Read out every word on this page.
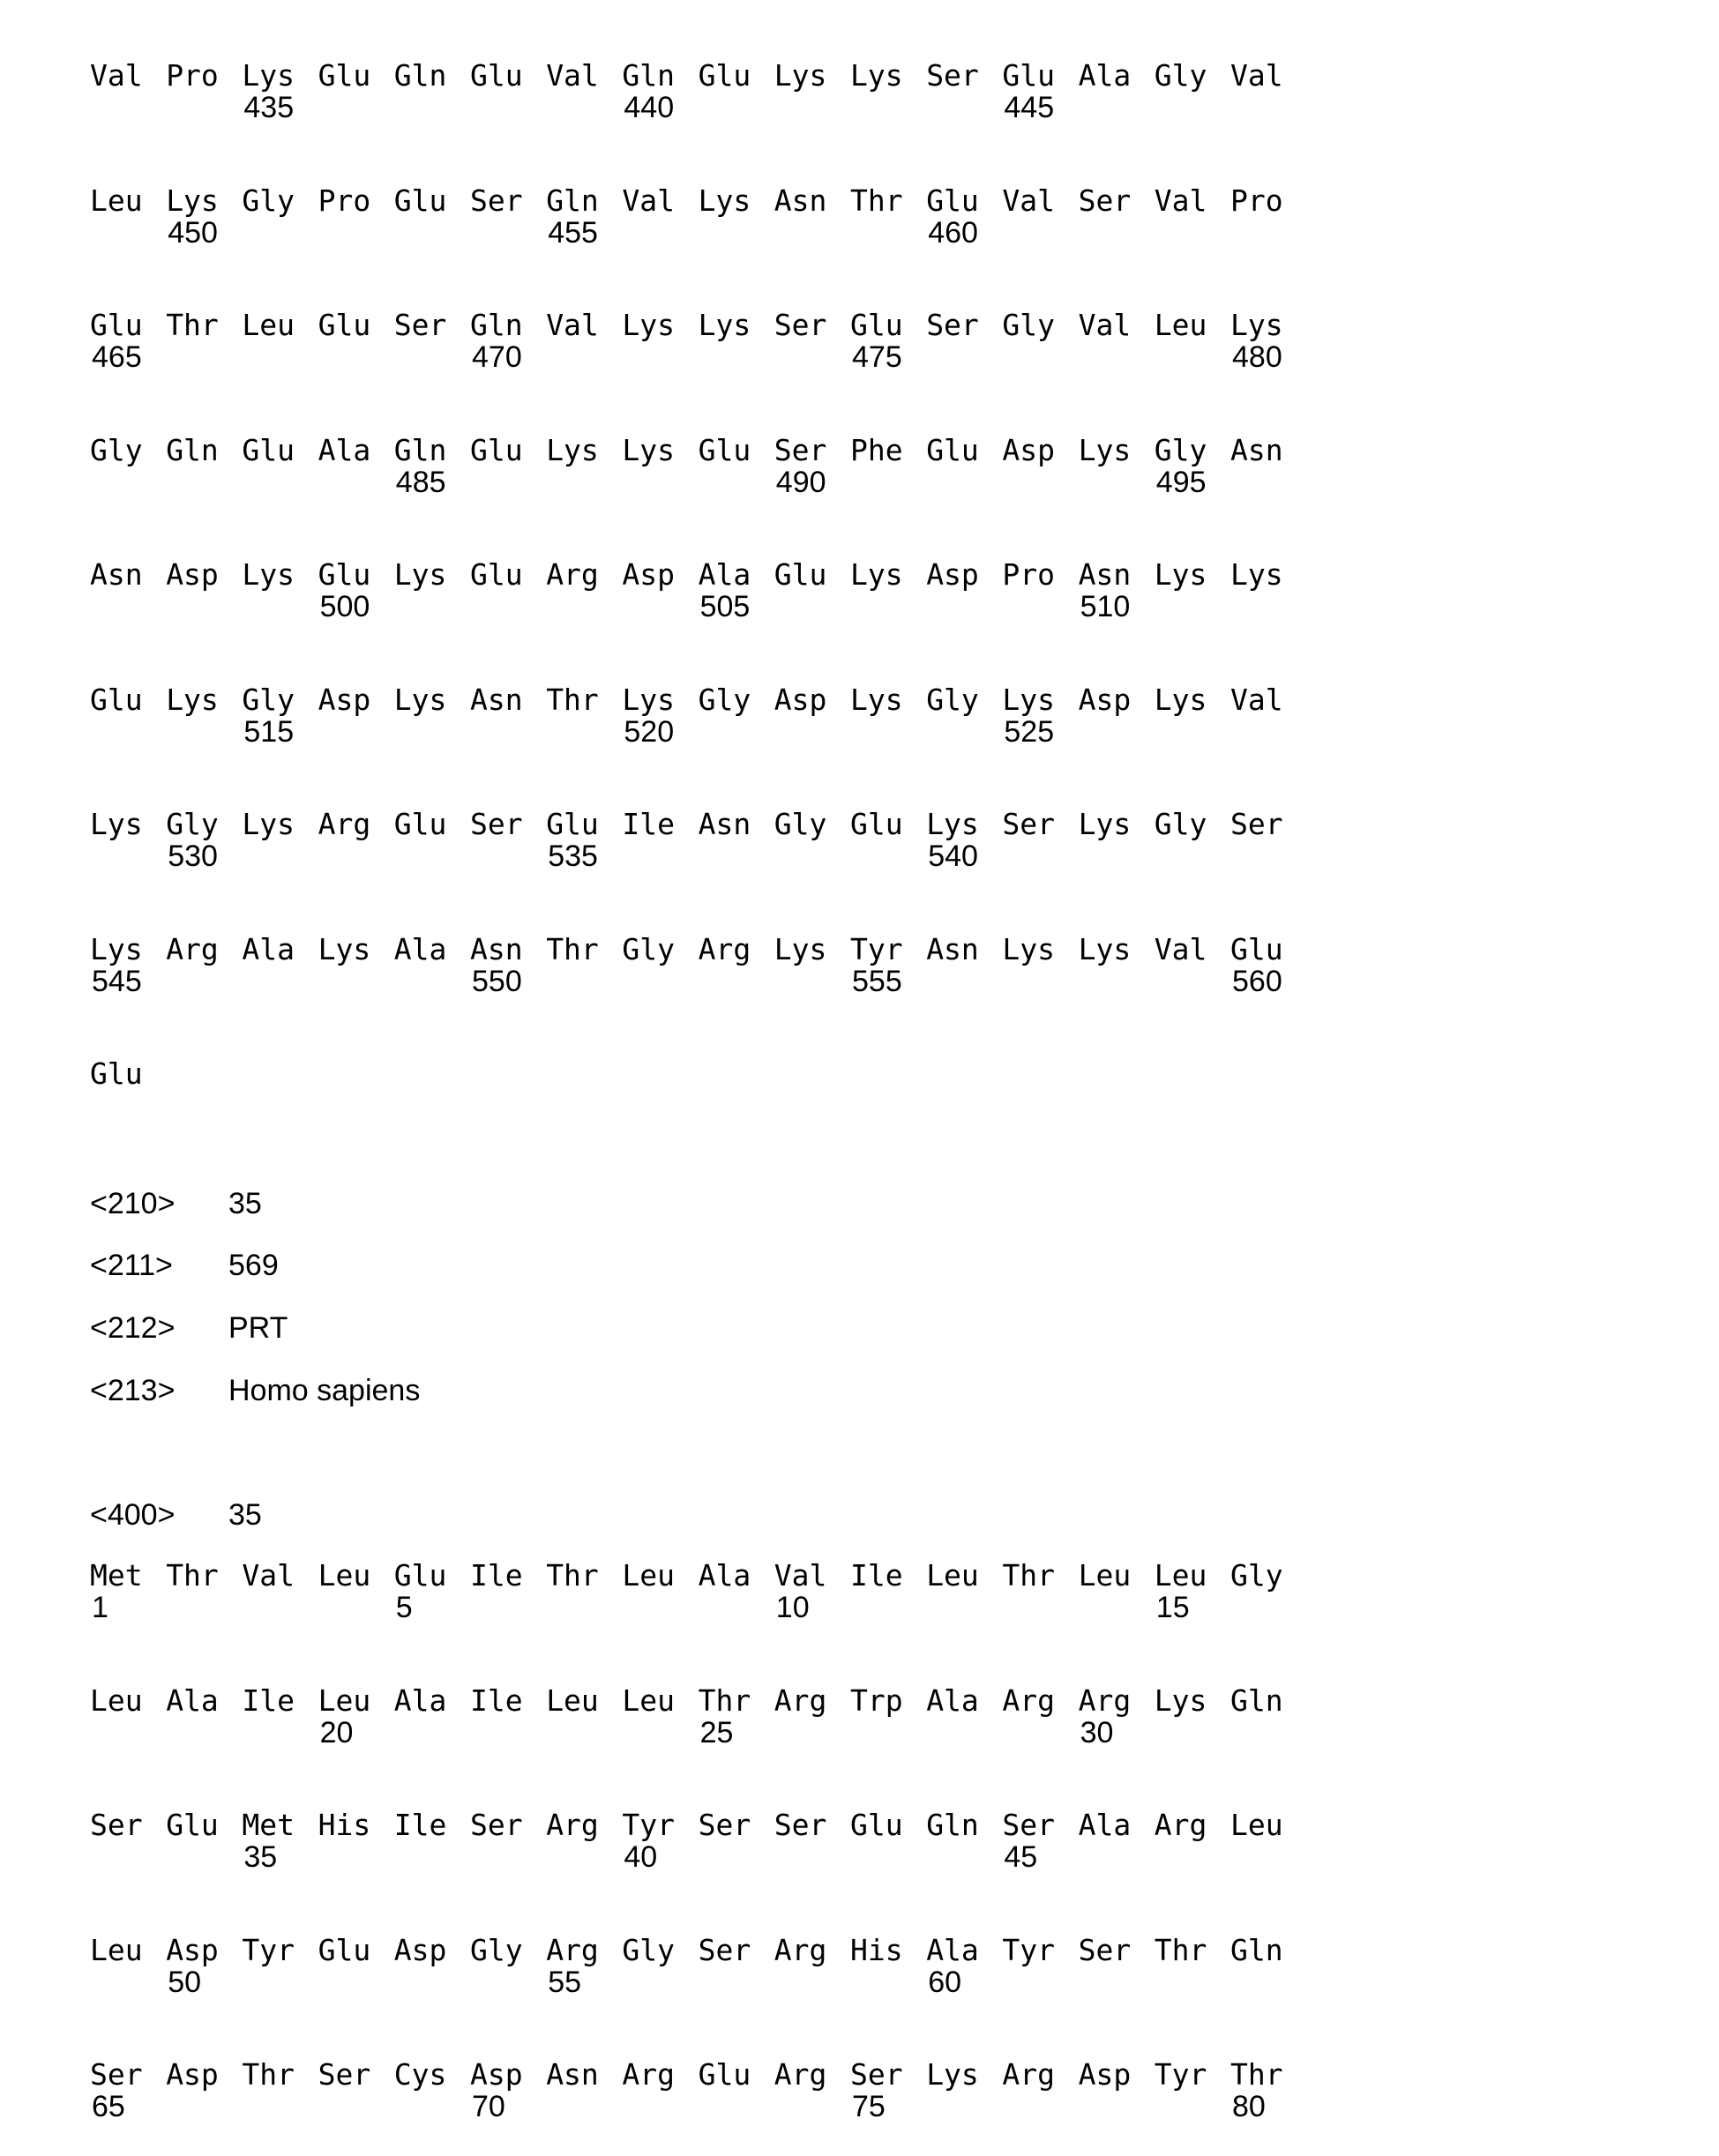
Val Pro Lys Glu Gln Glu Val Gln Glu Lys Lys Ser Glu Ala Gly Val
435	440	445
Leu Lys Gly Pro Glu Ser Gln Val Lys Asn Thr Glu Val Ser Val Pro
450	455	460
Glu Thr Leu Glu Ser Gln Val Lys Lys Ser Glu Ser Gly Val Leu Lys
465	470	475	480
Gly Gln Glu Ala Gln Glu Lys Lys Glu Ser Phe Glu Asp Lys Gly Asn
485	490	495
Asn Asp Lys Glu Lys Glu Arg Asp Ala Glu Lys Asp Pro Asn Lys Lys
500	505	510
Glu Lys Gly Asp Lys Asn Thr Lys Gly Asp Lys Gly Lys Asp Lys Val
515	520	525
Lys Gly Lys Arg Glu Ser Glu Ile Asn Gly Glu Lys Ser Lys Gly Ser
530	535	540
Lys Arg Ala Lys Ala Asn Thr Gly Arg Lys Tyr Asn Lys Lys Val Glu
545	550	555	560
Glu
<210> 35
<211> 569
<212> PRT
<213> Homo sapiens
<400> 35
Met Thr Val Leu Glu Ile Thr Leu Ala Val Ile Leu Thr Leu Leu Gly
1	5	10	15
Leu Ala Ile Leu Ala Ile Leu Leu Thr Arg Trp Ala Arg Arg Lys Gln
20	25	30
Ser Glu Met His Ile Ser Arg Tyr Ser Ser Glu Gln Ser Ala Arg Leu
35	40	45
Leu Asp Tyr Glu Asp Gly Arg Gly Ser Arg His Ala Tyr Ser Thr Gln
50	55	60
Ser Asp Thr Ser Cys Asp Asn Arg Glu Arg Ser Lys Arg Asp Tyr Thr
65	70	75	80
